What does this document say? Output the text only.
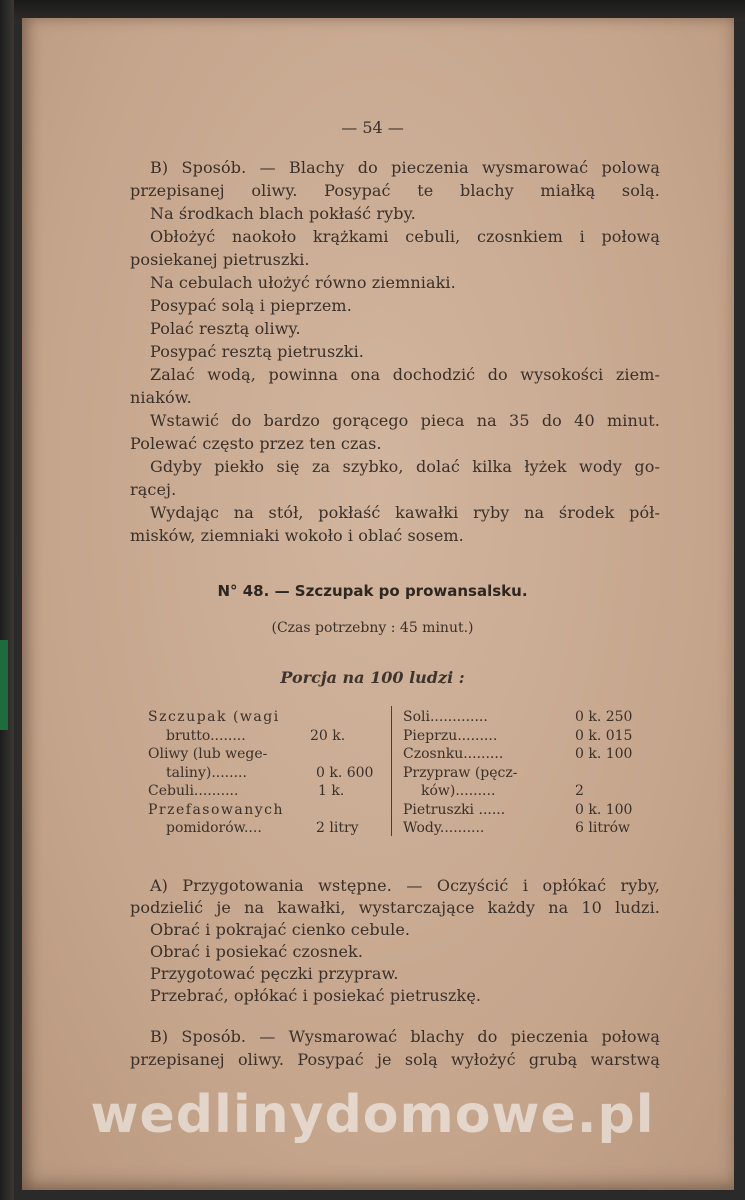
— 54 —
B) Sposób. — Blachy do pieczenia wysmarować polową
przepisanej oliwy. Posypać te blachy miałką solą.
Na środkach blach pokłaść ryby.
Obłożyć naokoło krążkami cebuli, czosnkiem i połową
posiekanej pietruszki.
Na cebulach ułożyć równo ziemniaki.
Posypać solą i pieprzem.
Polać resztą oliwy.
Posypać resztą pietruszki.
Zalać wodą, powinna ona dochodzić do wysokości ziem-
niaków.
Wstawić do bardzo gorącego pieca na 35 do 40 minut.
Polewać często przez ten czas.
Gdyby piekło się za szybko, dolać kilka łyżek wody go-
rącej.
Wydając na stół, pokłaść kawałki ryby na środek pół-
misków, ziemniaki wokoło i oblać sosem.
N° 48. — Szczupak po prowansalsku.
(Czas potrzebny : 45 minut.)
Porcja na 100 ludzi :
Szczupak (wagi
brutto........	20 k.
Oliwy (lub wege-
taliny)........	0 k. 600
Cebuli..........	1 k.
Przefasowanych
pomidorów....	2 litry
Soli.............	0 k. 250
Pieprzu.........	0 k. 015
Czosnku.........	0 k. 100
Przypraw (pęcz-
ków).........	2
Pietruszki ......	0 k. 100
Wody..........	6 litrów
A) Przygotowania wstępne. — Oczyścić i opłókać ryby,
podzielić je na kawałki, wystarczające każdy na 10 ludzi.
Obrać i pokrajać cienko cebule.
Obrać i posiekać czosnek.
Przygotować pęczki przypraw.
Przebrać, opłókać i posiekać pietruszkę.
B) Sposób. — Wysmarować blachy do pieczenia połową
przepisanej oliwy. Posypać je solą wyłożyć grubą warstwą
wedlinydomowe.pl
